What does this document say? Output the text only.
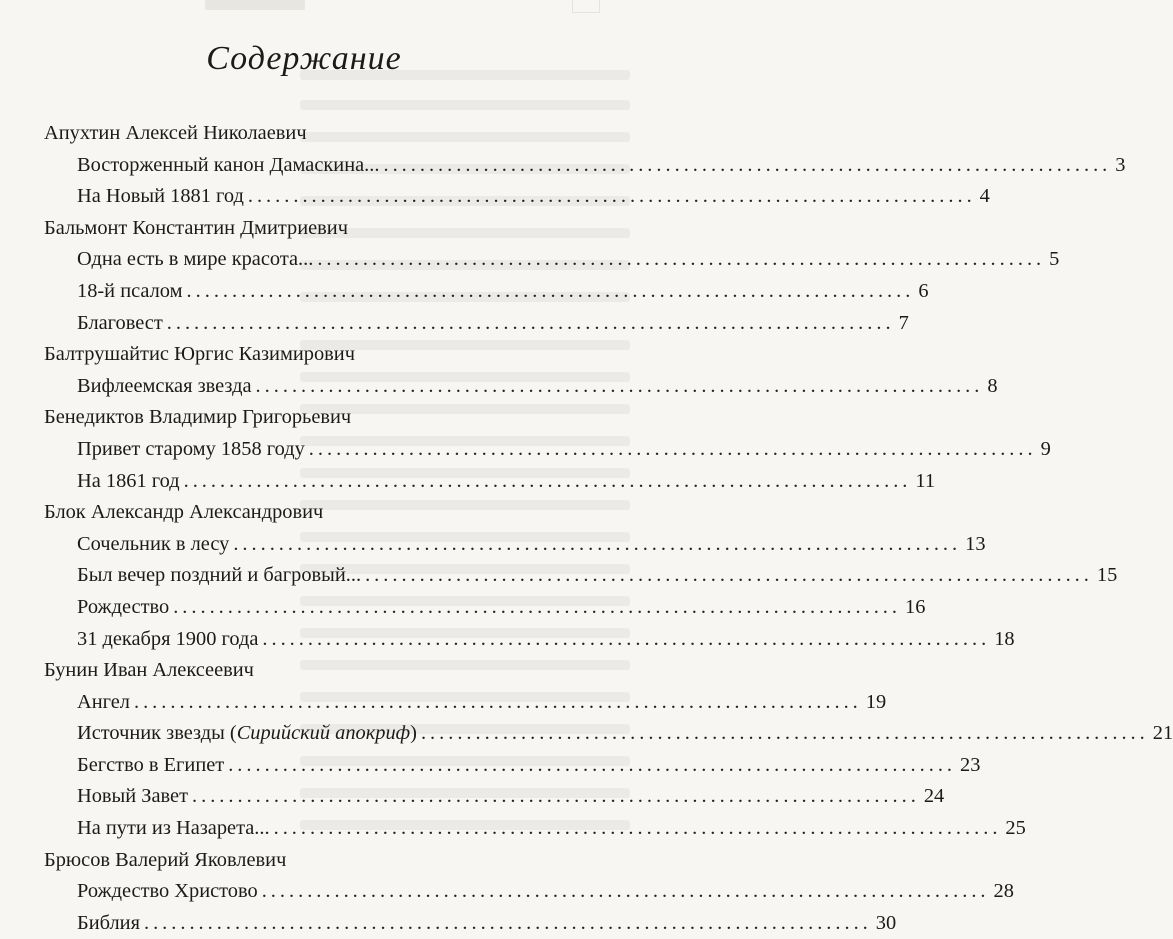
Содержание
Апухтин Алексей Николаевич
Восторженный канон Дамаскина... ................................................................................ 3
На Новый 1881 год ................................................................................ 4
Бальмонт Константин Дмитриевич
Одна есть в мире красота... ................................................................................ 5
18-й псалом ................................................................................ 6
Благовест ................................................................................ 7
Балтрушайтис Юргис Казимирович
Вифлеемская звезда ................................................................................ 8
Бенедиктов Владимир Григорьевич
Привет старому 1858 году ................................................................................ 9
На 1861 год ................................................................................ 11
Блок Александр Александрович
Сочельник в лесу ................................................................................ 13
Был вечер поздний и багровый... ................................................................................ 15
Рождество ................................................................................ 16
31 декабря 1900 года ................................................................................ 18
Бунин Иван Алексеевич
Ангел ................................................................................ 19
Источник звезды (Сирийский апокриф) ................................................................................ 21
Бегство в Египет ................................................................................ 23
Новый Завет ................................................................................ 24
На пути из Назарета... ................................................................................ 25
Брюсов Валерий Яковлевич
Рождество Христово ................................................................................ 28
Библия ................................................................................ 30
